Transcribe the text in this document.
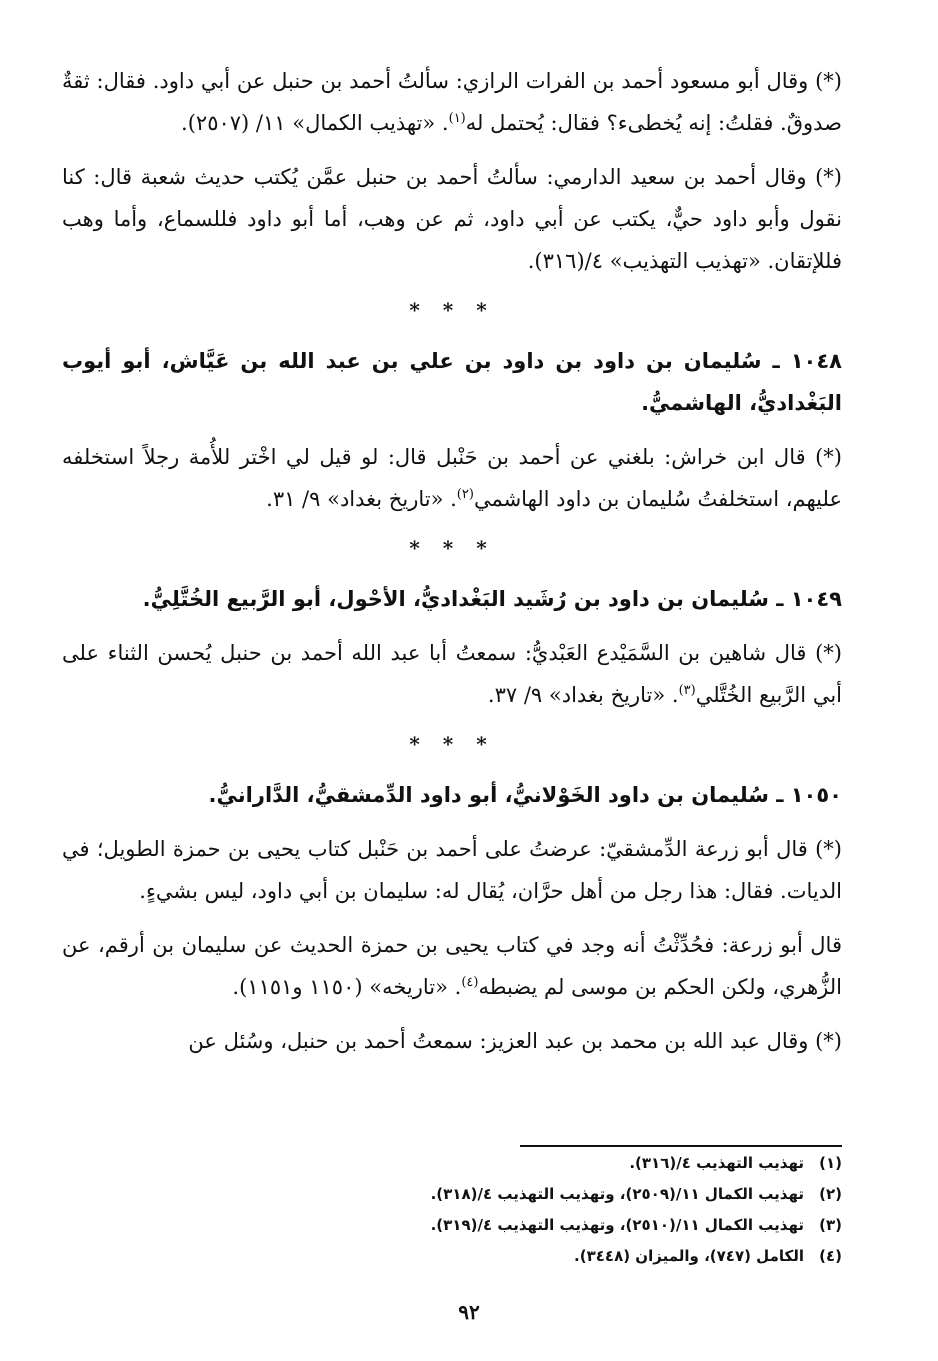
(*) وقال أبو مسعود أحمد بن الفرات الرازي: سألتُ أحمد بن حنبل عن أبي داود. فقال: ثقةٌ صدوقٌ. فقلتُ: إنه يُخطىء؟ فقال: يُحتمل له$^{(١)}$. «تهذيب الكمال» ١١/ (٢٥٠٧).

(*) وقال أحمد بن سعيد الدارمي: سألتُ أحمد بن حنبل عمَّن يُكتب حديث شعبة قال: كنا نقول وأبو داود حيٌّ، يكتب عن أبي داود، ثم عن وهب، أما أبو داود فللسماع، وأما وهب فللإتقان. «تهذيب التهذيب» ٤/(٣١٦).

* * *
١٠٤٨ ـ سُليمان بن داود بن داود بن علي بن عبد الله بن عَيَّاش، أبو أيوب البَغْداديُّ، الهاشميُّ.

(*) قال ابن خراش: بلغني عن أحمد بن حَنْبل قال: لو قيل لي اخْتر للأُمة رجلاً استخلفه عليهم، استخلفتُ سُليمان بن داود الهاشمي$^{(٢)}$. «تاريخ بغداد» ٩/ ٣١.

* * *
١٠٤٩ ـ سُليمان بن داود بن رُشَيد البَغْداديُّ، الأحْول، أبو الرَّبيع الخُتَّلِيُّ.

(*) قال شاهين بن السَّمَيْدع العَبْديُّ: سمعتُ أبا عبد الله أحمد بن حنبل يُحسن الثناء على أبي الرَّبيع الخُتَّلي$^{(٣)}$. «تاريخ بغداد» ٩/ ٣٧.

* * *
١٠٥٠ ـ سُليمان بن داود الخَوْلانيُّ، أبو داود الدِّمشقيُّ، الدَّارانيُّ.

(*) قال أبو زرعة الدِّمشقيّ: عرضتُ على أحمد بن حَنْبل كتاب يحيى بن حمزة الطويل؛ في الديات. فقال: هذا رجل من أهل حرَّان، يُقال له: سليمان بن أبي داود، ليس بشيءٍ.

قال أبو زرعة: فحُدِّثْتُ أنه وجد في كتاب يحيى بن حمزة الحديث عن سليمان بن أرقم، عن الزُّهري، ولكن الحكم بن موسى لم يضبطه$^{(٤)}$. «تاريخه» (١١٥٠ و١١٥١).

(*) وقال عبد الله بن محمد بن عبد العزيز: سمعتُ أحمد بن حنبل، وسُئل عن

(١)تهذيب التهذيب ٤/(٣١٦).
(٢)تهذيب الكمال ١١/(٢٥٠٩)، وتهذيب التهذيب ٤/(٣١٨).
(٣)تهذيب الكمال ١١/(٢٥١٠)، وتهذيب التهذيب ٤/(٣١٩).
(٤)الكامل (٧٤٧)، والميزان (٣٤٤٨).
٩٢
